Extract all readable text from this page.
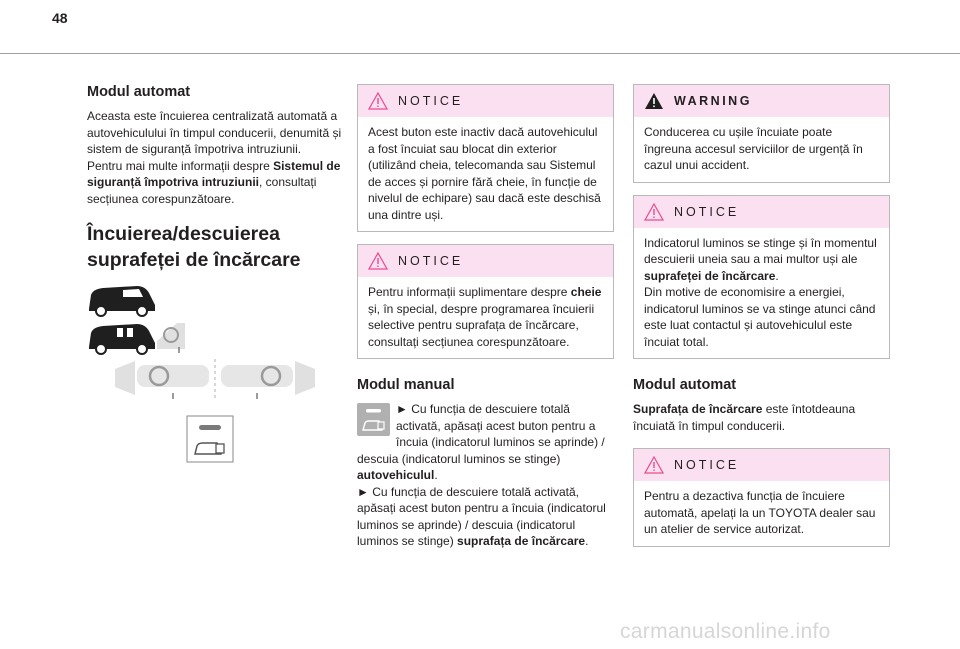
48
Modul automat

Aceasta este încuierea centralizată automată a autovehiculului în timpul conducerii, denumită și sistem de siguranță împotriva intruziunii.
Pentru mai multe informații despre Sistemul de siguranță împotriva intruziunii, consultați secțiunea corespunzătoare.

Încuierea/descuierea
suprafeței de încărcare
NOTICE

Acest buton este inactiv dacă autovehiculul a fost încuiat sau blocat din exterior (utilizând cheia, telecomanda sau Sistemul de acces și pornire fără cheie, în funcție de nivelul de echipare) sau dacă este deschisă una dintre uși.

NOTICE

Pentru informații suplimentare despre cheie și, în special, despre programarea încuierii selective pentru suprafața de încărcare, consultați secțiunea corespunzătoare.

Modul manual

► Cu funcția de descuiere totală activată, apăsați acest buton pentru a încuia (indicatorul luminos se aprinde) / descuia (indicatorul luminos se stinge) autovehiculul.
► Cu funcția de descuiere totală activată, apăsați acest buton pentru a încuia (indicatorul luminos se aprinde) / descuia (indicatorul luminos se stinge) suprafața de încărcare.

WARNING

Conducerea cu ușile încuiate poate îngreuna accesul serviciilor de urgență în cazul unui accident.

NOTICE

Indicatorul luminos se stinge și în momentul descuierii uneia sau a mai multor uși ale suprafeței de încărcare.
Din motive de economisire a energiei, indicatorul luminos se va stinge atunci când este luat contactul și autovehiculul este încuiat total.

Modul automat

Suprafața de încărcare este întotdeauna încuiată în timpul conducerii.

NOTICE

Pentru a dezactiva funcția de încuiere automată, apelați la un TOYOTA dealer sau un atelier de service autorizat.

carmanualsonline.info
